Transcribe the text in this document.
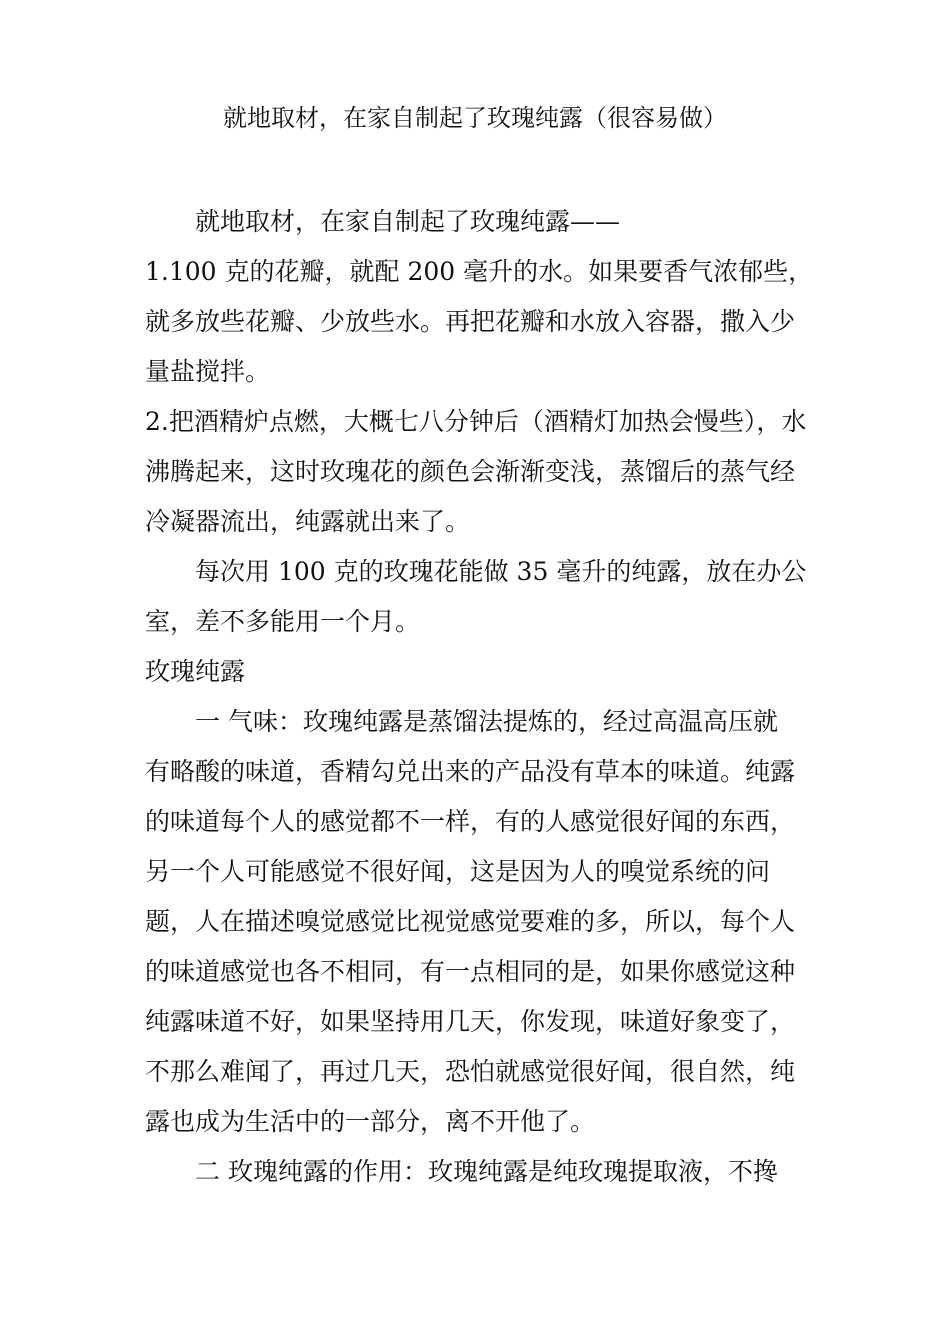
就地取材，在家自制起了玫瑰纯露（很容易做）
就地取材，在家自制起了玫瑰纯露——
1.100 克的花瓣，就配 200 毫升的水。如果要香气浓郁些，
就多放些花瓣、少放些水。再把花瓣和水放入容器，撒入少
量盐搅拌。
2.把酒精炉点燃，大概七八分钟后（酒精灯加热会慢些），水
沸腾起来，这时玫瑰花的颜色会渐渐变浅，蒸馏后的蒸气经
冷凝器流出，纯露就出来了。
每次用 100 克的玫瑰花能做 35 毫升的纯露，放在办公
室，差不多能用一个月。
玫瑰纯露
一 气味：玫瑰纯露是蒸馏法提炼的，经过高温高压就
有略酸的味道，香精勾兑出来的产品没有草本的味道。纯露
的味道每个人的感觉都不一样，有的人感觉很好闻的东西，
另一个人可能感觉不很好闻，这是因为人的嗅觉系统的问
题，人在描述嗅觉感觉比视觉感觉要难的多，所以，每个人
的味道感觉也各不相同，有一点相同的是，如果你感觉这种
纯露味道不好，如果坚持用几天，你发现，味道好象变了，
不那么难闻了，再过几天，恐怕就感觉很好闻，很自然，纯
露也成为生活中的一部分，离不开他了。
二 玫瑰纯露的作用：玫瑰纯露是纯玫瑰提取液，不搀
